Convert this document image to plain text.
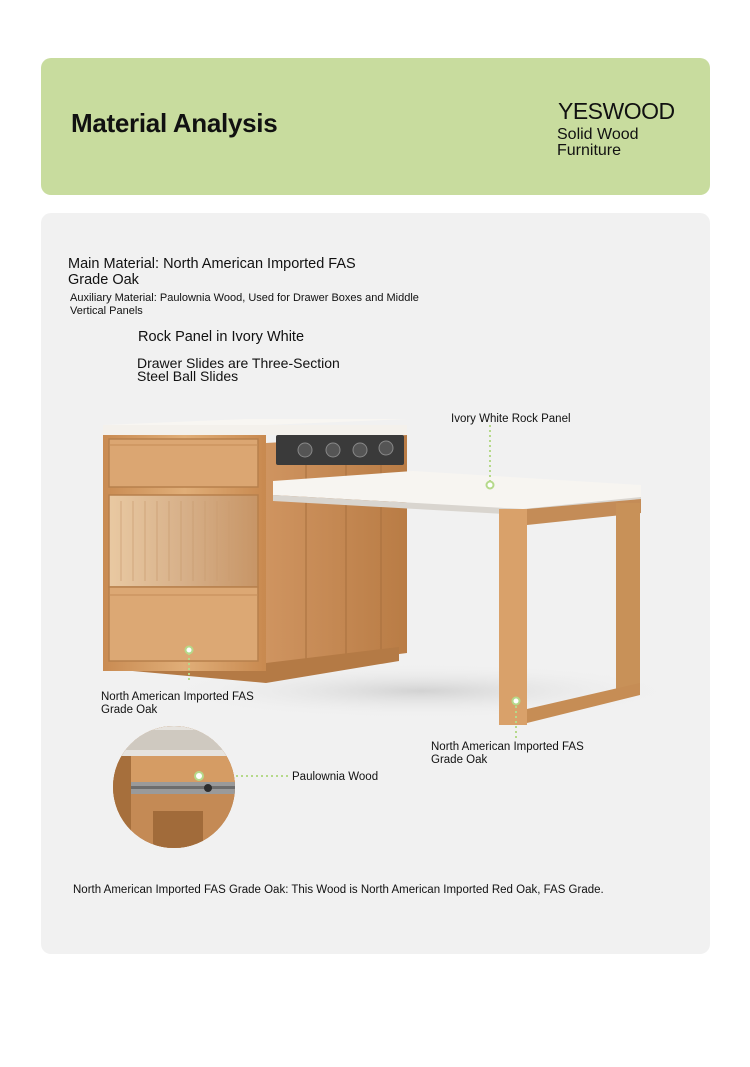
Material Analysis	YESWOOD
Solid Wood Furniture
Main Material: North American Imported FAS Grade Oak
Auxiliary Material: Paulownia Wood, Used for Drawer Boxes and Middle Vertical Panels
Rock Panel in Ivory White
Drawer Slides are Three-Section Steel Ball Slides
Ivory White Rock Panel
North American Imported FAS Grade Oak
North American Imported FAS Grade Oak
Paulownia Wood
North American Imported FAS Grade Oak: This Wood is North American Imported Red Oak, FAS Grade.
